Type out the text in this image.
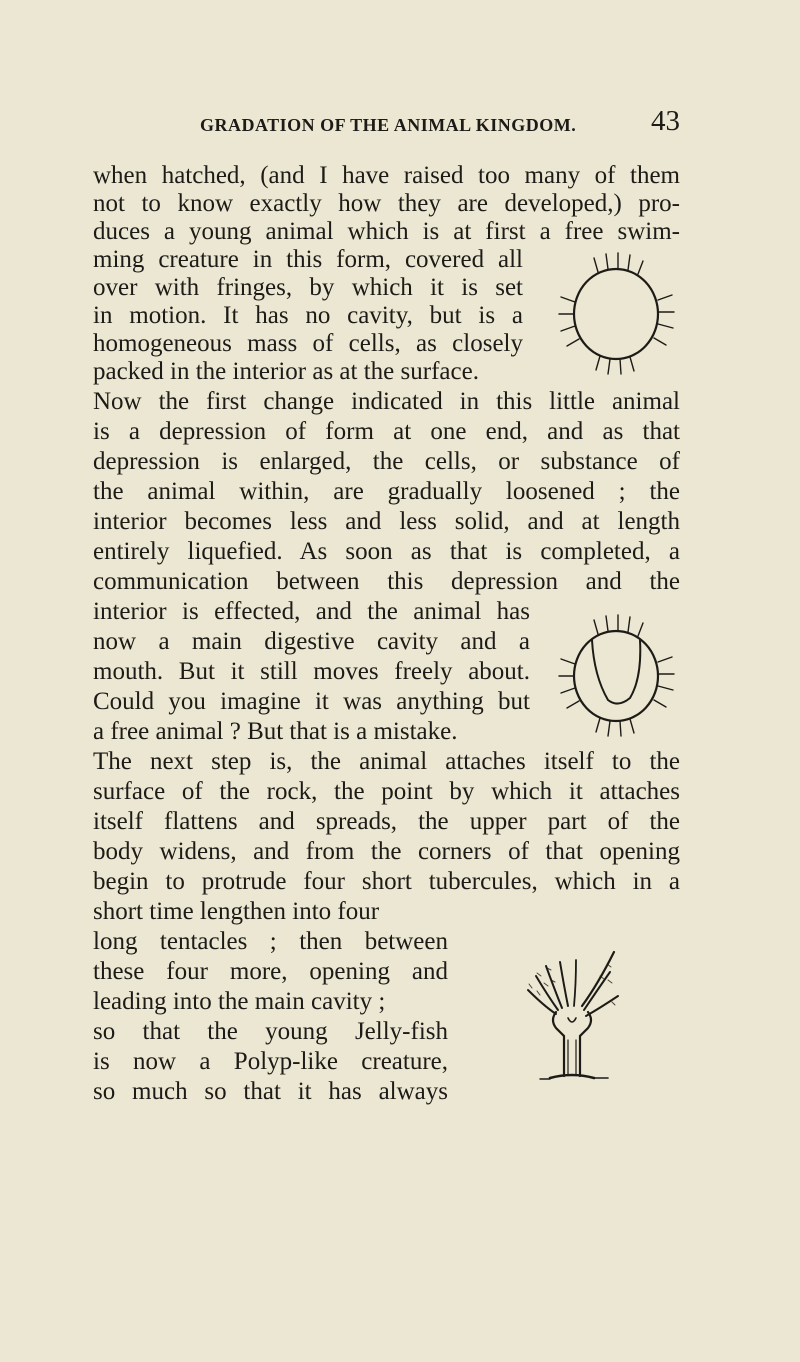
GRADATION OF THE ANIMAL KINGDOM.	43
when hatched, (and I have raised too many of them
not to know exactly how they are developed,) pro-
duces a young animal which is at first a free swim-
ming creature in this form, covered all
over with fringes, by which it is set
in motion. It has no cavity, but is a
homogeneous mass of cells, as closely
packed in the interior as at the surface.
Now the first change indicated in this little animal
is a depression of form at one end, and as that
depression is enlarged, the cells, or substance of
the animal within, are gradually loosened ; the
interior becomes less and less solid, and at length
entirely liquefied. As soon as that is completed, a
communication between this depression and the
interior is effected, and the animal has
now a main digestive cavity and a
mouth. But it still moves freely about.
Could you imagine it was anything but
a free animal ? But that is a mistake.
The next step is, the animal attaches itself to the
surface of the rock, the point by which it attaches
itself flattens and spreads, the upper part of the
body widens, and from the corners of that opening
begin to protrude four short tubercules, which in a
short time lengthen into four
long tentacles ; then between
these four more, opening and
leading into the main cavity ;
so that the young Jelly-fish
is now a Polyp-like creature,
so much so that it has always
